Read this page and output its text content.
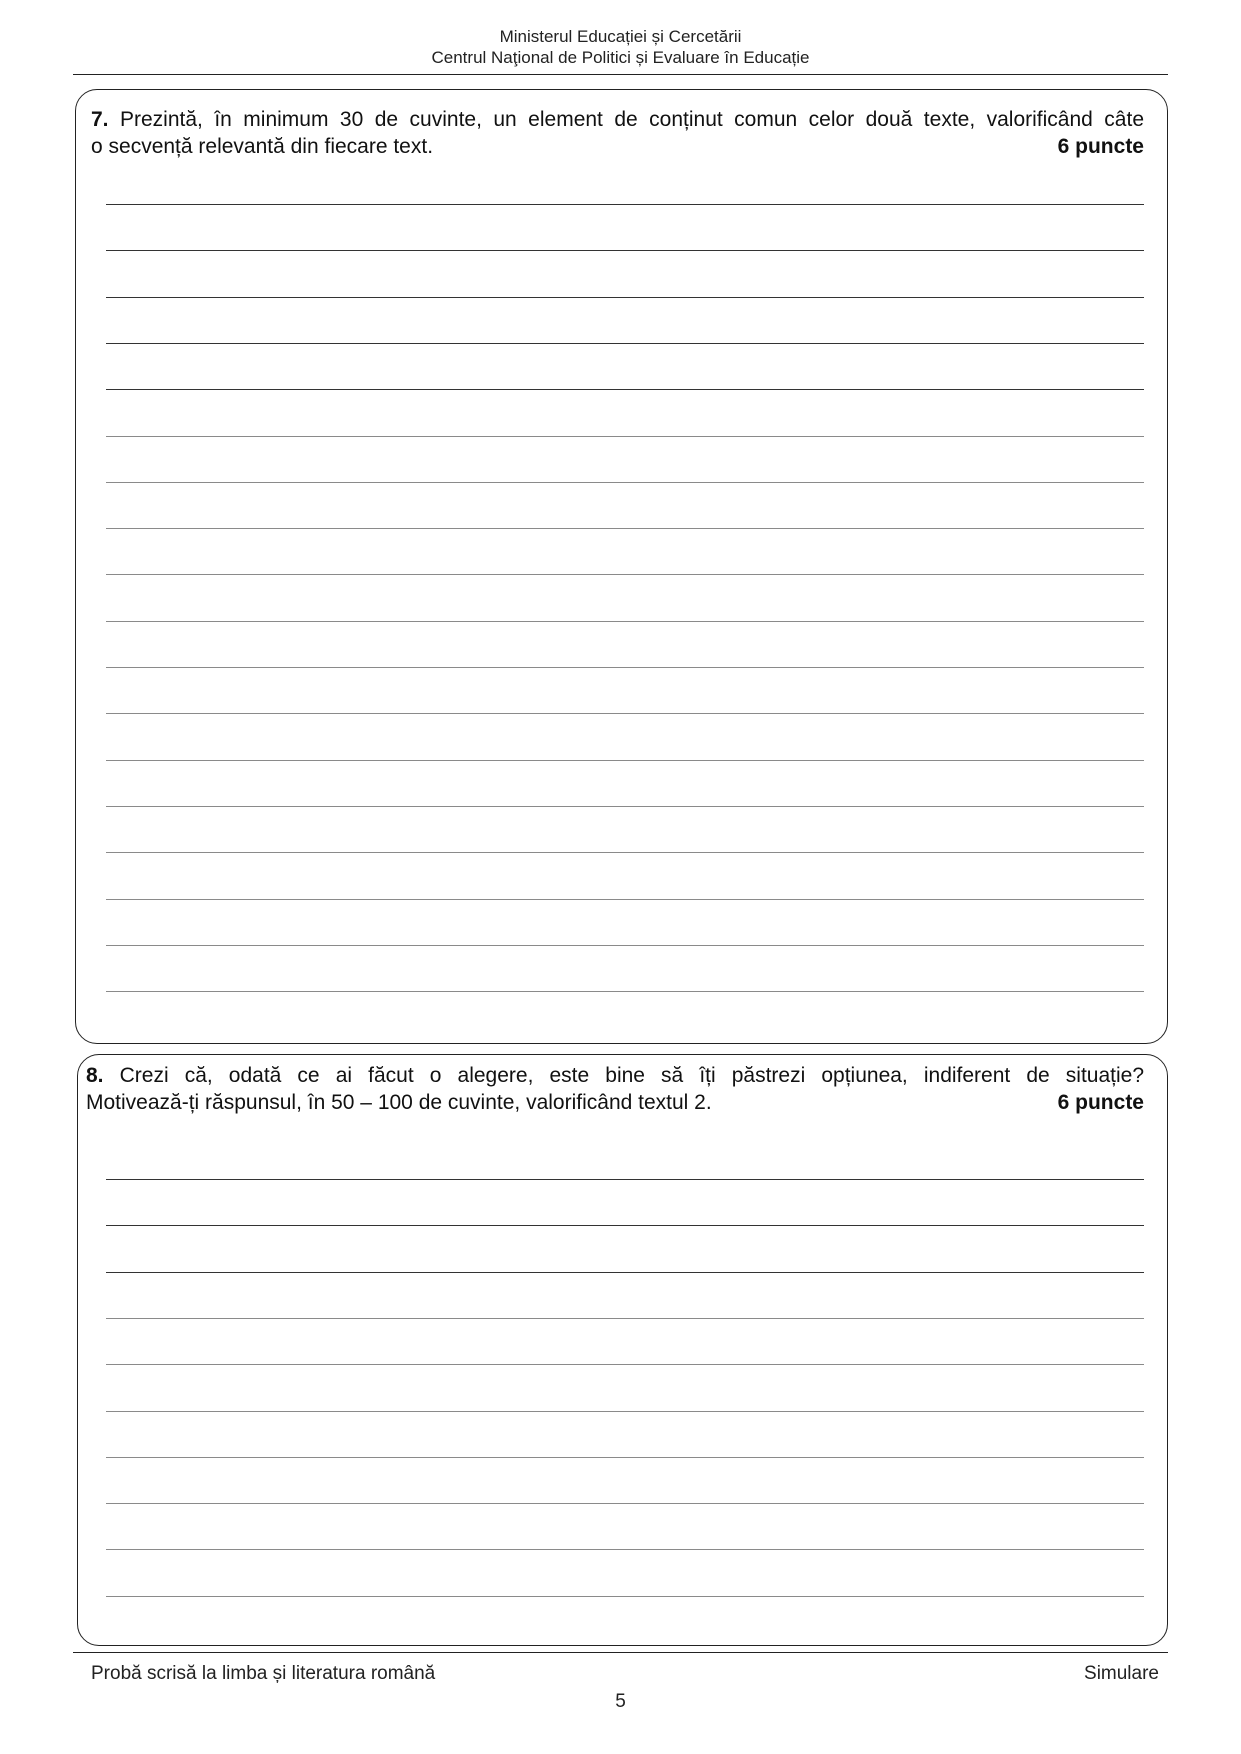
Ministerul Educației și Cercetării
Centrul Naţional de Politici și Evaluare în Educație
7. Prezintă, în minimum 30 de cuvinte, un element de conținut comun celor două texte, valorificând câte
o secvență relevantă din fiecare text.	6 puncte
8. Crezi că, odată ce ai făcut o alegere, este bine să îți păstrezi opțiunea, indiferent de situație?
Motivează-ți răspunsul, în 50 – 100 de cuvinte, valorificând textul 2.	6 puncte
Probă scrisă la limba și literatura română	Simulare
5
